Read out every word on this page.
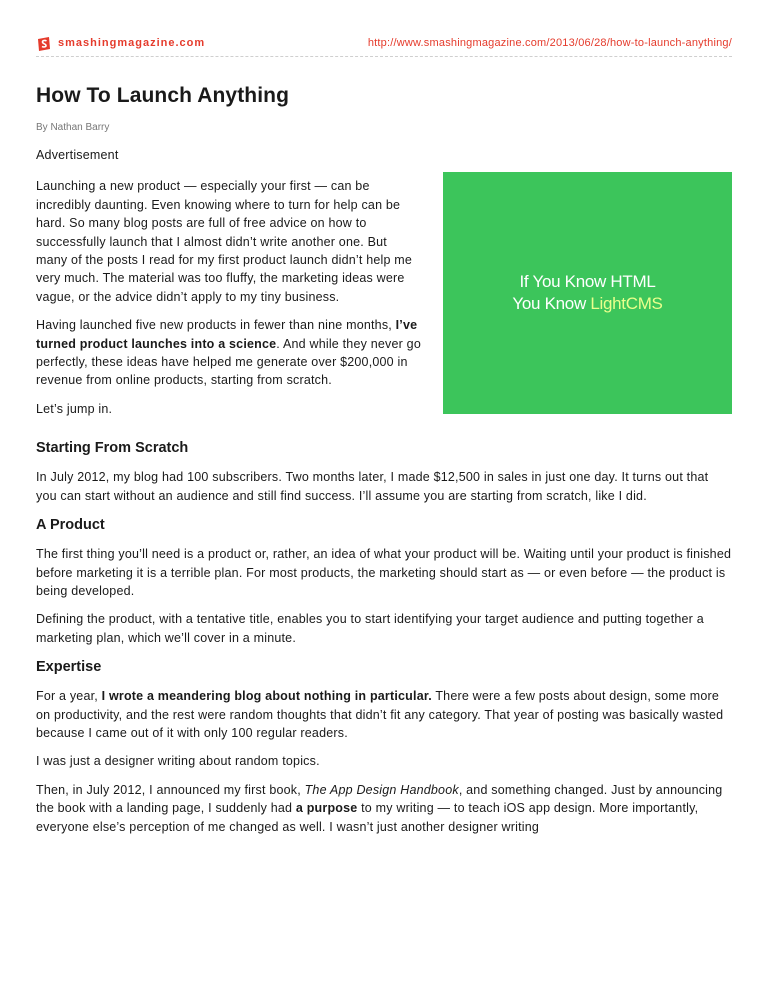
smashingmagazine.com	http://www.smashingmagazine.com/2013/06/28/how-to-launch-anything/
How To Launch Anything
By Nathan Barry

Advertisement

If You Know HTML
You Know LightCMS

Launching a new product — especially your first — can be incredibly daunting. Even knowing where to turn for help can be hard. So many blog posts are full of free advice on how to successfully launch that I almost didn’t write another one. But many of the posts I read for my first product launch didn’t help me very much. The material was too fluffy, the marketing ideas were vague, or the advice didn’t apply to my tiny business.

Having launched five new products in fewer than nine months, I’ve turned product launches into a science. And while they never go perfectly, these ideas have helped me generate over $200,000 in revenue from online products, starting from scratch.

Let’s jump in.

Starting From Scratch

In July 2012, my blog had 100 subscribers. Two months later, I made $12,500 in sales in just one day. It turns out that you can start without an audience and still find success. I’ll assume you are starting from scratch, like I did.

A Product

The first thing you’ll need is a product or, rather, an idea of what your product will be. Waiting until your product is finished before marketing it is a terrible plan. For most products, the marketing should start as — or even before — the product is being developed.

Defining the product, with a tentative title, enables you to start identifying your target audience and putting together a marketing plan, which we’ll cover in a minute.

Expertise

For a year, I wrote a meandering blog about nothing in particular. There were a few posts about design, some more on productivity, and the rest were random thoughts that didn’t fit any category. That year of posting was basically wasted because I came out of it with only 100 regular readers.

I was just a designer writing about random topics.

Then, in July 2012, I announced my first book, The App Design Handbook, and something changed. Just by announcing the book with a landing page, I suddenly had a purpose to my writing — to teach iOS app design. More importantly, everyone else’s perception of me changed as well. I wasn’t just another designer writing
